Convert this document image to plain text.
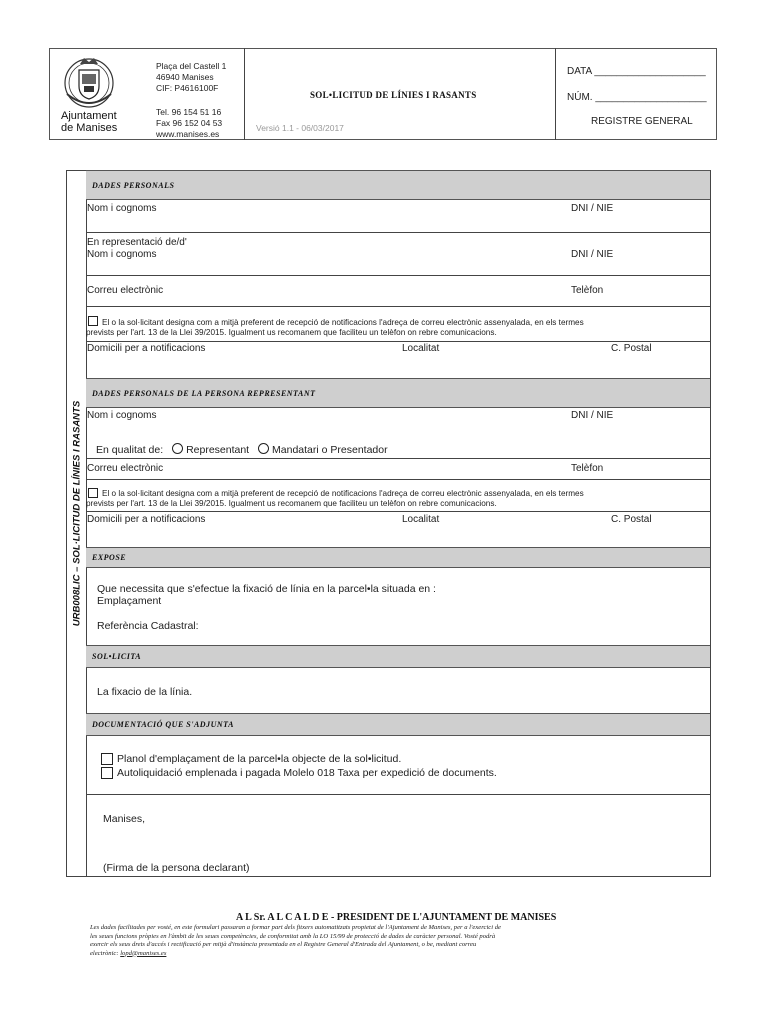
Ajuntament
de Manises
Plaça del Castell 1
46940 Manises
CIF: P4616100F
Tel. 96 154 51 16
Fax 96 152 04 53
www.manises.es
SOL•LICITUD DE LÍNIES I RASANTS
Versió 1.1 - 06/03/2017
DATA ____________________
NÚM. ____________________
REGISTRE GENERAL
URB008LIC – SOL·LICITUD DE LÍNIES I RASANTS
DADES PERSONALS
Nom i cognoms	DNI / NIE
En representació de/d'
Nom i cognoms	DNI / NIE
Correu electrònic	Telèfon
El o la sol·licitant designa com a mitjà preferent de recepció de notificacions l'adreça de correu electrònic assenyalada, en els termes
prevists per l'art. 13 de la Llei 39/2015. Igualment us recomanem que faciliteu un telèfon on rebre comunicacions.
Domicili per a notificacions	Localitat	C. Postal
DADES PERSONALS DE LA PERSONA REPRESENTANT
Nom i cognoms	DNI / NIE
En qualitat de: Representant Mandatari o Presentador
Correu electrònic	Telèfon
El o la sol·licitant designa com a mitjà preferent de recepció de notificacions l'adreça de correu electrònic assenyalada, en els termes
prevists per l'art. 13 de la Llei 39/2015. Igualment us recomanem que faciliteu un telèfon on rebre comunicacions.
Domicili per a notificacions	Localitat	C. Postal
EXPOSE
Que necessita que s'efectue la fixació de línia en la parcel•la situada en :
Emplaçament
Referència Cadastral:
SOL•LICITA
La fixacio de la línia.
DOCUMENTACIÓ QUE S'ADJUNTA
Planol d'emplaçament de la parcel•la objecte de la sol•licitud.
Autoliquidació emplenada i pagada Molelo 018 Taxa per expedició de documents.
Manises,
(Firma de la persona declarant)
A L Sr. A L C A L D E - PRESIDENT DE L'AJUNTAMENT DE MANISES
Les dades facilitades per vosté, en este formulari passaran a formar part dels fitxers automatitzats propietat de l'Ajuntament de Manises, per a l'exercici de
les seues funcions pròpies en l'àmbit de les seues competències, de conformitat amb la LO 15/99 de protecció de dades de caràcter personal. Vosté podrà
exercir els seus drets d'accés i rectificació per mitjà d'instància presentada en el Registre General d'Entrada del Ajuntament, o be, mediant correu
electrònic: lopd@manises.es
